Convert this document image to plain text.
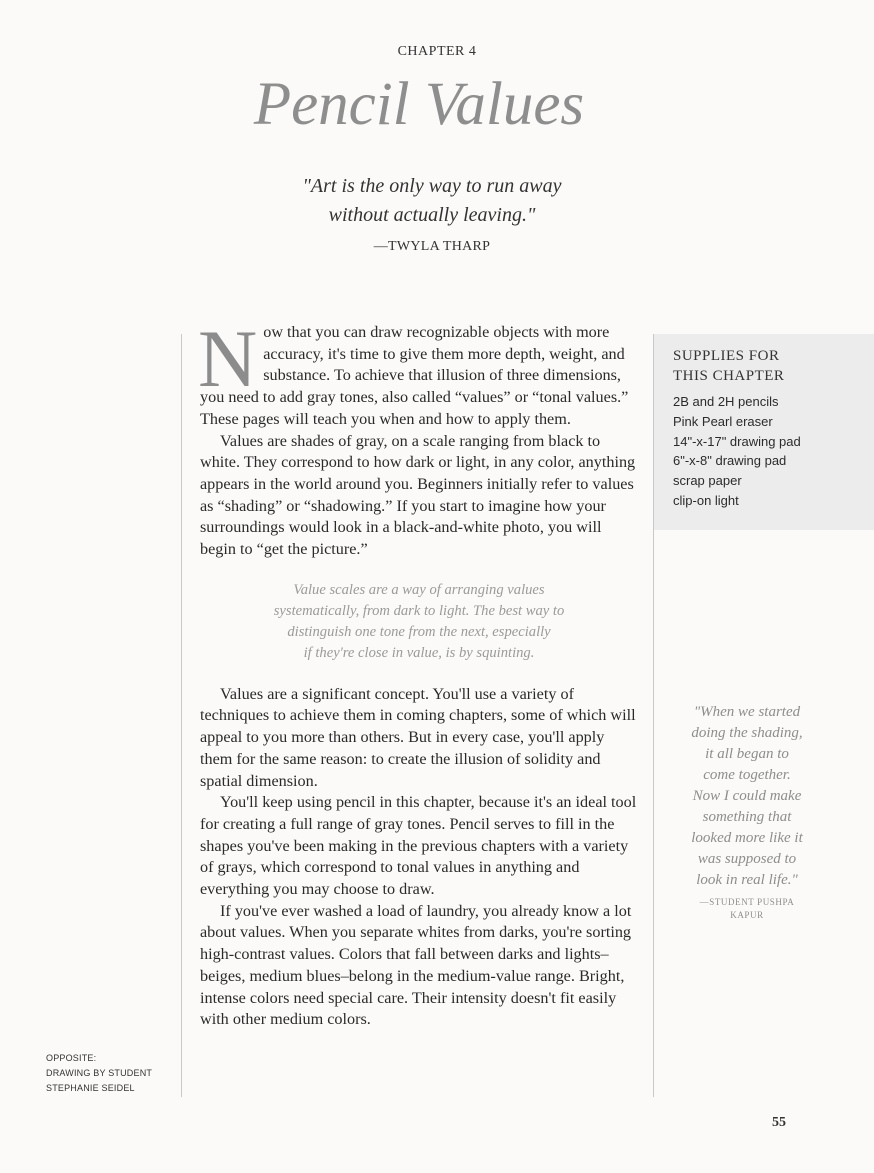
CHAPTER 4
Pencil Values
"Art is the only way to run away
without actually leaving."
—TWYLA THARP

Now that you can draw recognizable objects with more accuracy, it's time to give them more depth, weight, and substance. To achieve that illusion of three dimensions, you need to add gray tones, also called “values” or “tonal values.” These pages will teach you when and how to apply them.

Values are shades of gray, on a scale ranging from black to white. They correspond to how dark or light, in any color, anything appears in the world around you. Beginners initially refer to values as “shading” or “shadowing.” If you start to imagine how your surroundings would look in a black-and-white photo, you will begin to “get the picture.”

Value scales are a way of arranging values
systematically, from dark to light. The best way to
distinguish one tone from the next, especially
if they're close in value, is by squinting.

Values are a significant concept. You'll use a variety of techniques to achieve them in coming chapters, some of which will appeal to you more than others. But in every case, you'll apply them for the same reason: to create the illusion of solidity and spatial dimension.

You'll keep using pencil in this chapter, because it's an ideal tool for creating a full range of gray tones. Pencil serves to fill in the shapes you've been making in the previous chapters with a variety of grays, which correspond to tonal values in anything and everything you may choose to draw.

If you've ever washed a load of laundry, you already know a lot about values. When you separate whites from darks, you're sorting high-contrast values. Colors that fall between darks and lights–beiges, medium blues–belong in the medium-value range. Bright, intense colors need special care. Their intensity doesn't fit easily with other medium colors.

SUPPLIES FOR
THIS CHAPTER
2B and 2H pencils
Pink Pearl eraser
14"-x-17" drawing pad
6"-x-8" drawing pad
scrap paper
clip-on light
"When we started
doing the shading,
it all began to
come together.
Now I could make
something that
looked more like it
was supposed to
look in real life."
—STUDENT PUSHPA
KAPUR
OPPOSITE:
DRAWING BY STUDENT
STEPHANIE SEIDEL
55
